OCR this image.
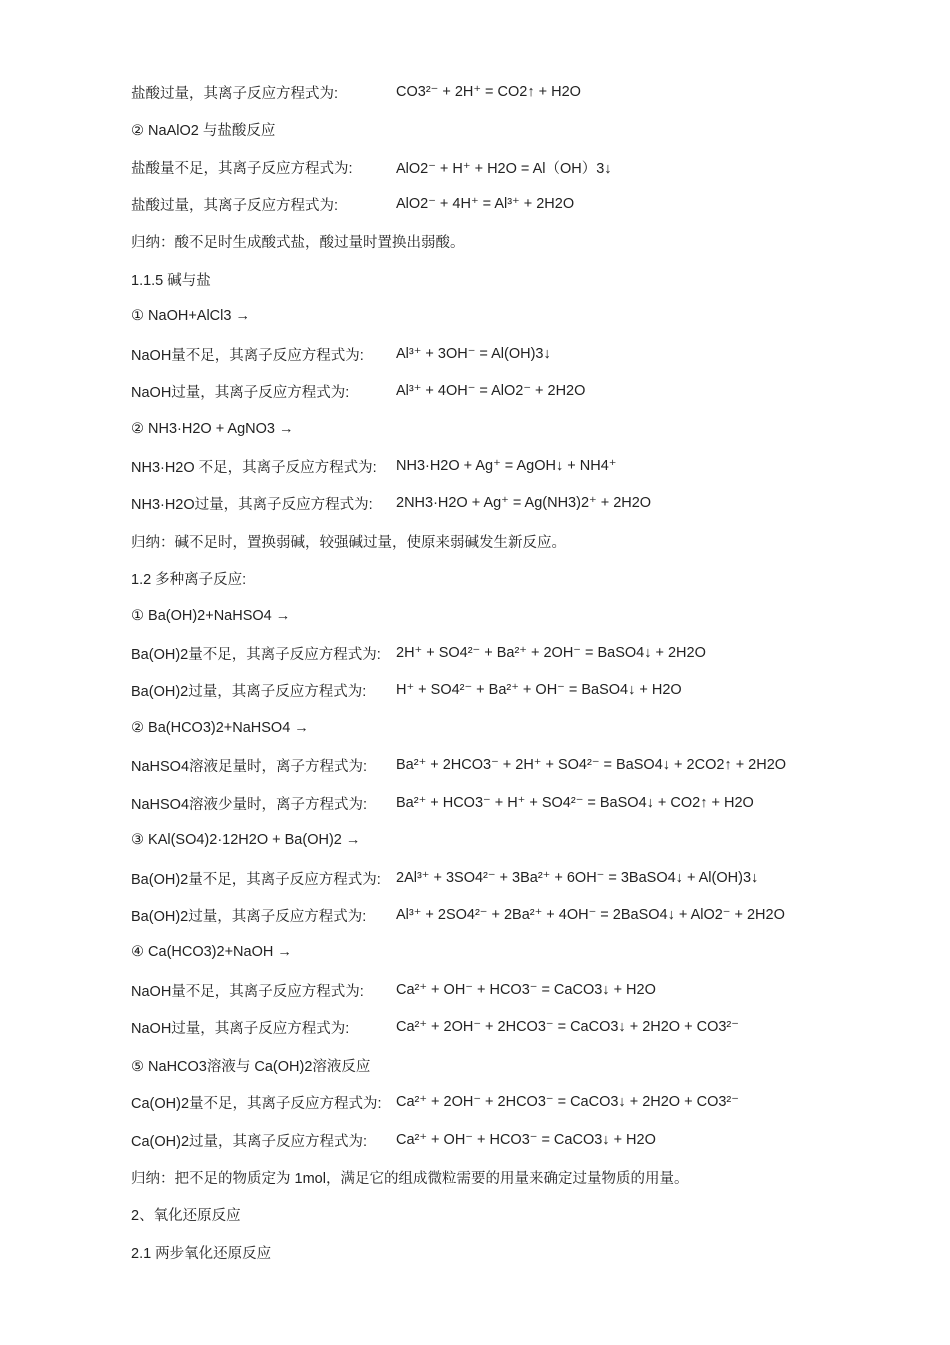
盐酸过量，其离子反应方程式为:	CO3²⁻ + 2H⁺ = CO2↑ + H2O
② NaAlO2 与盐酸反应
盐酸量不足，其离子反应方程式为:	AlO2⁻ + H⁺ + H2O = Al（OH）3↓
盐酸过量，其离子反应方程式为:	AlO2⁻ + 4H⁺ = Al³⁺ + 2H2O
归纳：酸不足时生成酸式盐，酸过量时置换出弱酸。
1.1.5 碱与盐
① NaOH+AlCl3 →
NaOH量不足，其离子反应方程式为:	Al³⁺ + 3OH⁻ = Al(OH)3↓
NaOH过量，其离子反应方程式为:	Al³⁺ + 4OH⁻ = AlO2⁻ + 2H2O
② NH3·H2O + AgNO3 →
NH3·H2O 不足，其离子反应方程式为:	NH3·H2O + Ag⁺ = AgOH↓ + NH4⁺
NH3·H2O过量，其离子反应方程式为:	2NH3·H2O + Ag⁺ = Ag(NH3)2⁺ + 2H2O
归纳：碱不足时，置换弱碱，较强碱过量，使原来弱碱发生新反应。
1.2 多种离子反应:
① Ba(OH)2+NaHSO4 →
Ba(OH)2量不足，其离子反应方程式为:	2H⁺ + SO4²⁻ + Ba²⁺ + 2OH⁻ = BaSO4↓ + 2H2O
Ba(OH)2过量，其离子反应方程式为:	H⁺ + SO4²⁻ + Ba²⁺ + OH⁻ = BaSO4↓ + H2O
② Ba(HCO3)2+NaHSO4 →
NaHSO4溶液足量时，离子方程式为:	Ba²⁺ + 2HCO3⁻ + 2H⁺ + SO4²⁻ = BaSO4↓ + 2CO2↑ + 2H2O
NaHSO4溶液少量时，离子方程式为:	Ba²⁺ + HCO3⁻ + H⁺ + SO4²⁻ = BaSO4↓ + CO2↑ + H2O
③ KAl(SO4)2·12H2O + Ba(OH)2 →
Ba(OH)2量不足，其离子反应方程式为:	2Al³⁺ + 3SO4²⁻ + 3Ba²⁺ + 6OH⁻ = 3BaSO4↓ + Al(OH)3↓
Ba(OH)2过量，其离子反应方程式为:	Al³⁺ + 2SO4²⁻ + 2Ba²⁺ + 4OH⁻ = 2BaSO4↓ + AlO2⁻ + 2H2O
④ Ca(HCO3)2+NaOH →
NaOH量不足，其离子反应方程式为:	Ca²⁺ + OH⁻ + HCO3⁻ = CaCO3↓ + H2O
NaOH过量，其离子反应方程式为:	Ca²⁺ + 2OH⁻ + 2HCO3⁻ = CaCO3↓ + 2H2O + CO3²⁻
⑤ NaHCO3溶液与 Ca(OH)2溶液反应
Ca(OH)2量不足，其离子反应方程式为: Ca²⁺ + 2OH⁻ + 2HCO3⁻ = CaCO3↓ + 2H2O + CO3²⁻
Ca(OH)2过量，其离子反应方程式为:	Ca²⁺ + OH⁻ + HCO3⁻ = CaCO3↓ + H2O
归纳：把不足的物质定为 1mol，满足它的组成微粒需要的用量来确定过量物质的用量。
2、氧化还原反应
2.1 两步氧化还原反应
